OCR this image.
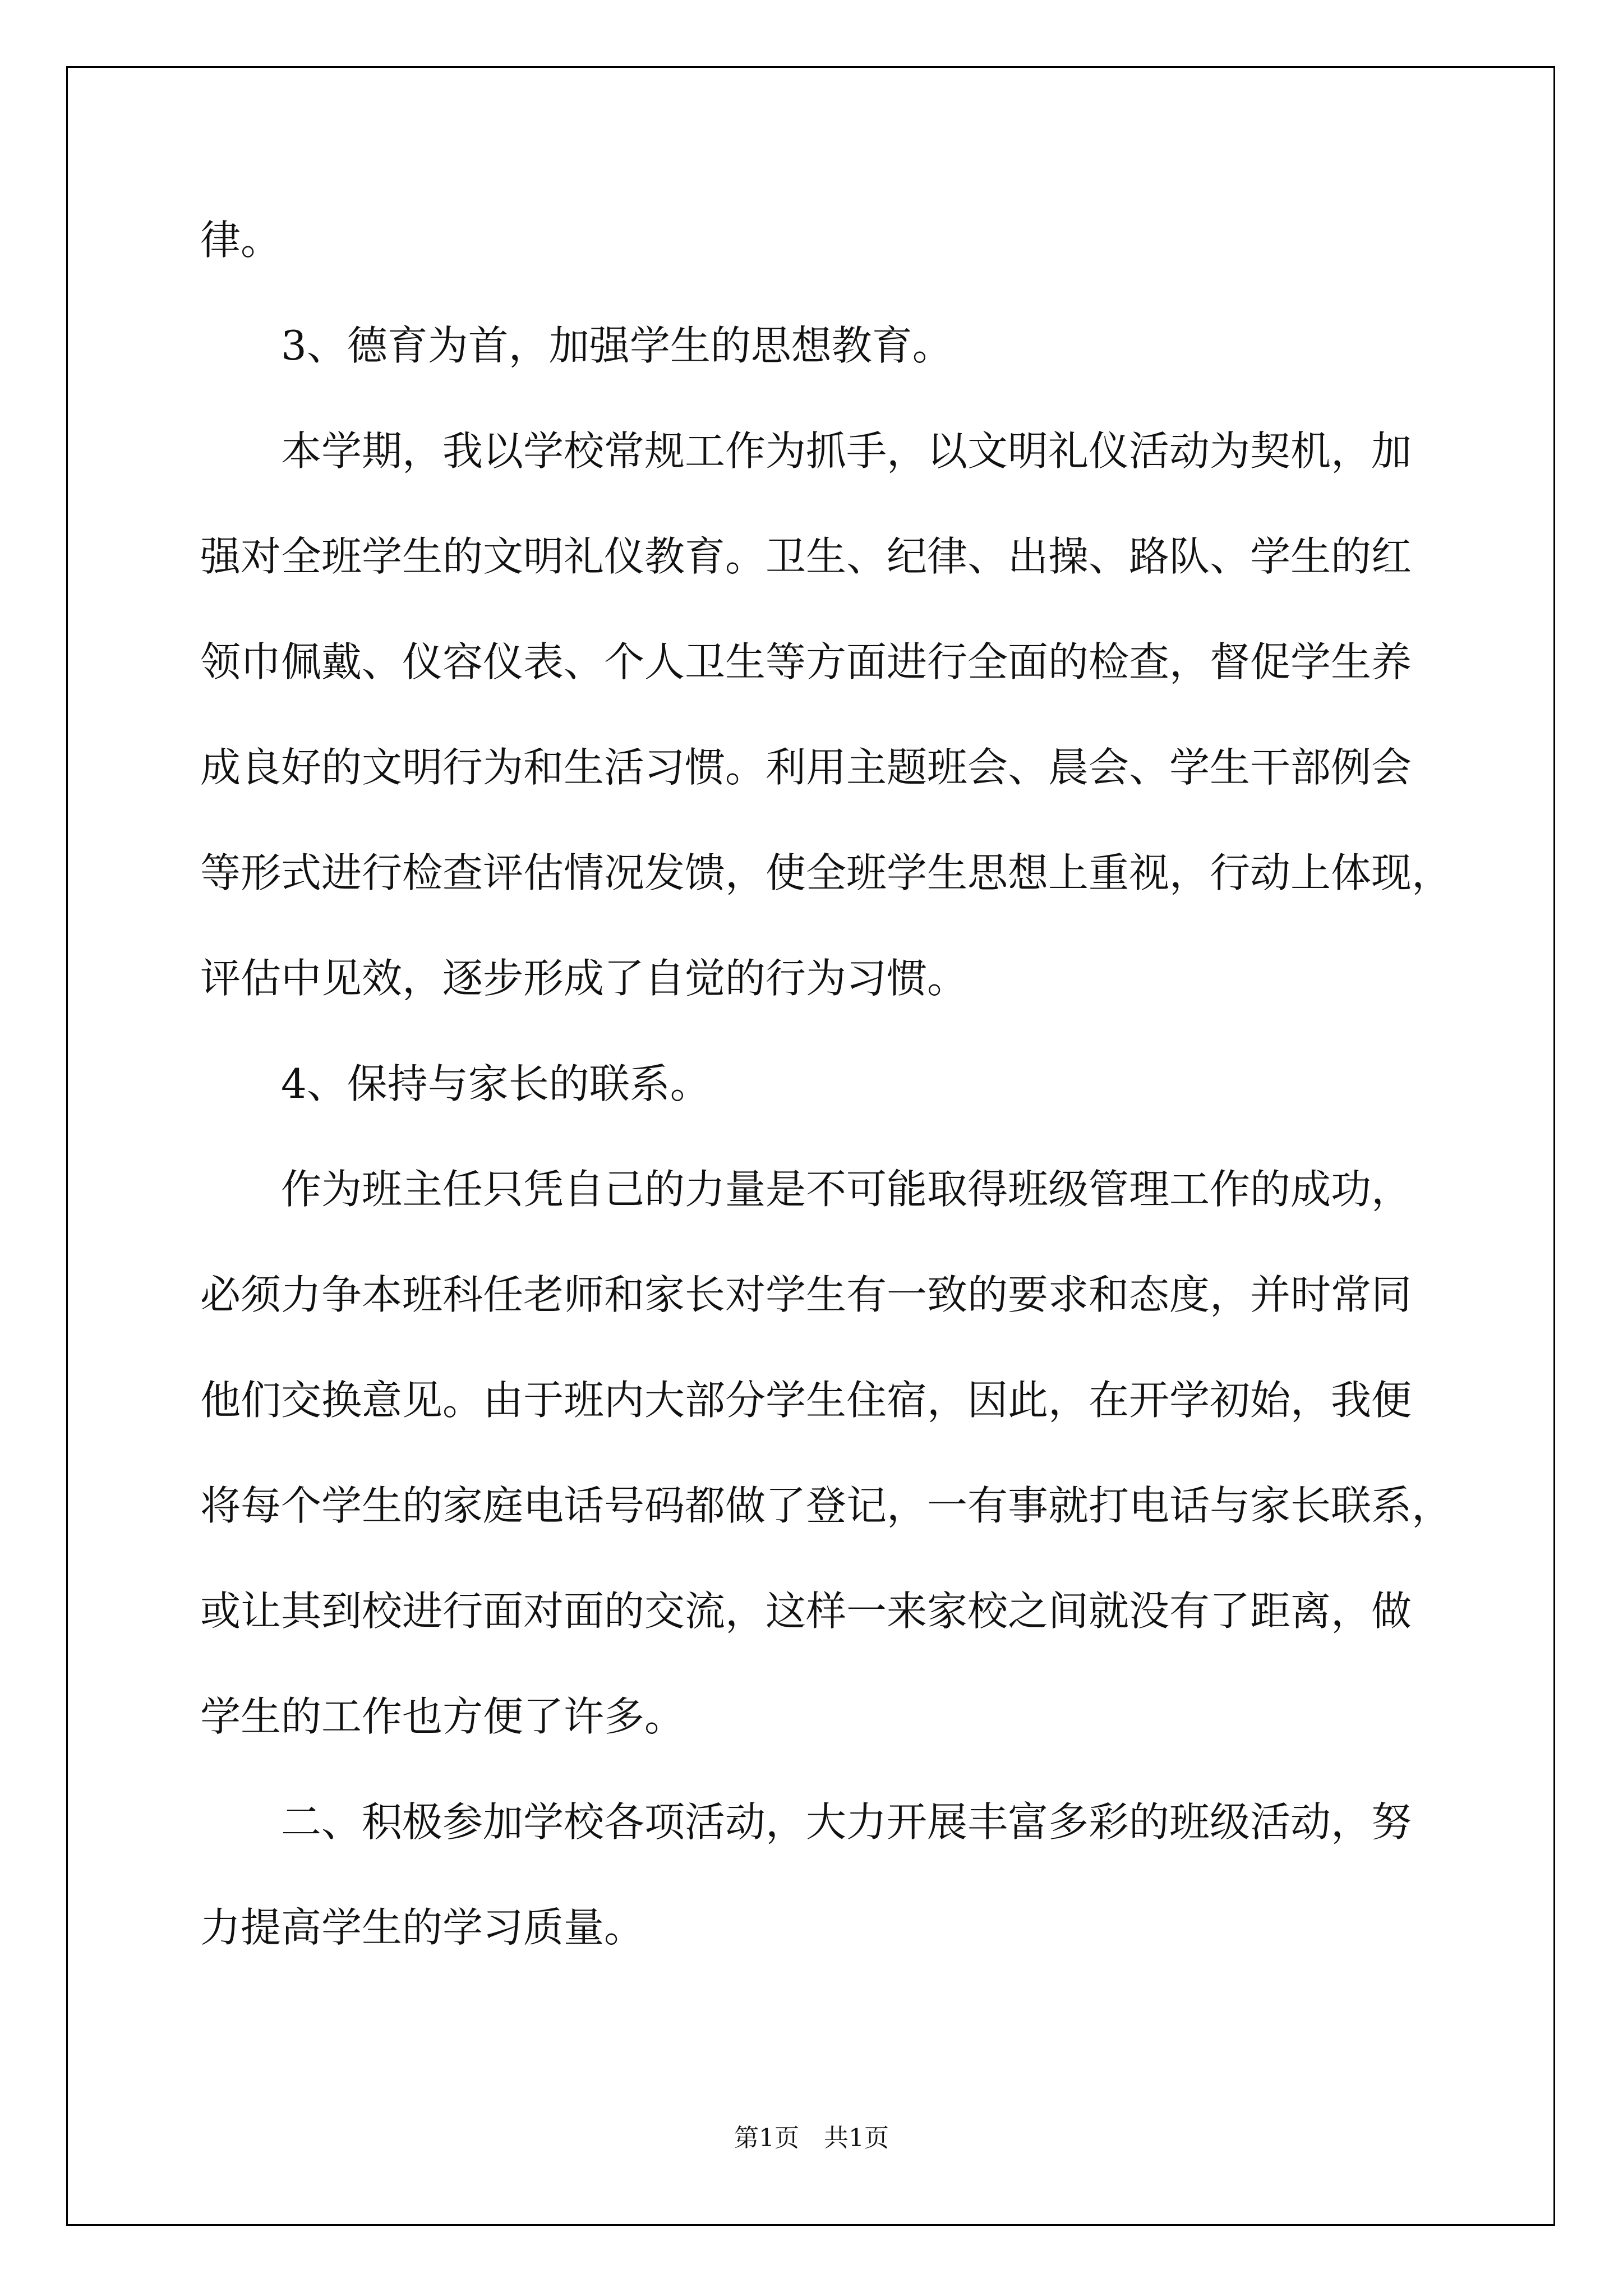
律。
　　3、德育为首，加强学生的思想教育。
　　本学期，我以学校常规工作为抓手，以文明礼仪活动为契机，加
强对全班学生的文明礼仪教育。卫生、纪律、出操、路队、学生的红
领巾佩戴、仪容仪表、个人卫生等方面进行全面的检查，督促学生养
成良好的文明行为和生活习惯。利用主题班会、晨会、学生干部例会
等形式进行检查评估情况发馈，使全班学生思想上重视，行动上体现，
评估中见效，逐步形成了自觉的行为习惯。
　　4、保持与家长的联系。
　　作为班主任只凭自己的力量是不可能取得班级管理工作的成功，
必须力争本班科任老师和家长对学生有一致的要求和态度，并时常同
他们交换意见。由于班内大部分学生住宿，因此，在开学初始，我便
将每个学生的家庭电话号码都做了登记，一有事就打电话与家长联系，
或让其到校进行面对面的交流，这样一来家校之间就没有了距离，做
学生的工作也方便了许多。
　　二、积极参加学校各项活动，大力开展丰富多彩的班级活动，努
力提高学生的学习质量。
第1页　共1页
